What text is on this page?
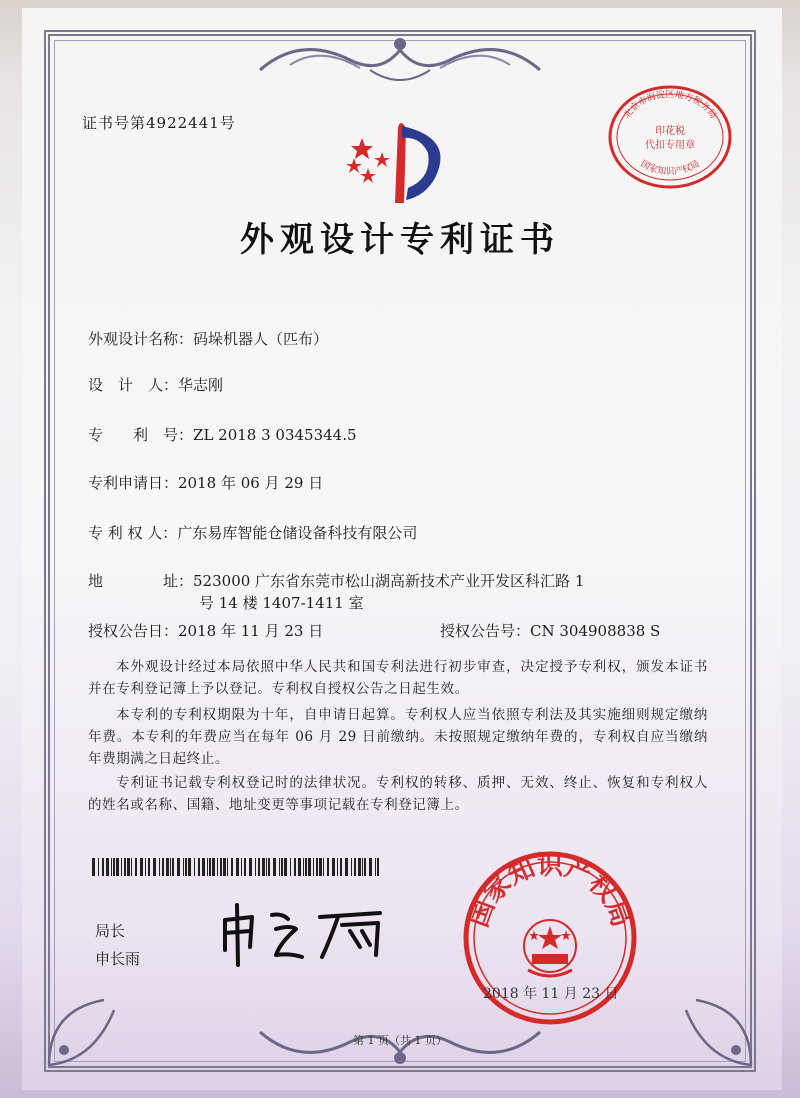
证书号第4922441号	北京市海淀区地方税务局
印花税
代扣专用章
国家知识产权局
外观设计专利证书
外观设计名称：码垛机器人（匹布）
设　计　人：华志刚
专　　利　号：ZL 2018 3 0345344.5
专利申请日：2018 年 06 月 29 日
专 利 权 人：广东易库智能仓储设备科技有限公司
地　　　　址：523000 广东省东莞市松山湖高新技术产业开发区科汇路 1
号 14 楼 1407-1411 室
授权公告日：2018 年 11 月 23 日	授权公告号：CN 304908838 S
本外观设计经过本局依照中华人民共和国专利法进行初步审查，决定授予专利权，颁发本证书并在专利登记簿上予以登记。专利权自授权公告之日起生效。
本专利的专利权期限为十年，自申请日起算。专利权人应当依照专利法及其实施细则规定缴纳年费。本专利的年费应当在每年 06 月 29 日前缴纳。未按照规定缴纳年费的，专利权自应当缴纳年费期满之日起终止。
专利证书记载专利权登记时的法律状况。专利权的转移、质押、无效、终止、恢复和专利权人的姓名或名称、国籍、地址变更等事项记载在专利登记簿上。
局长
申长雨
国家知识产权局
2018 年 11 月 23 日
第 1 页（共 1 页）
